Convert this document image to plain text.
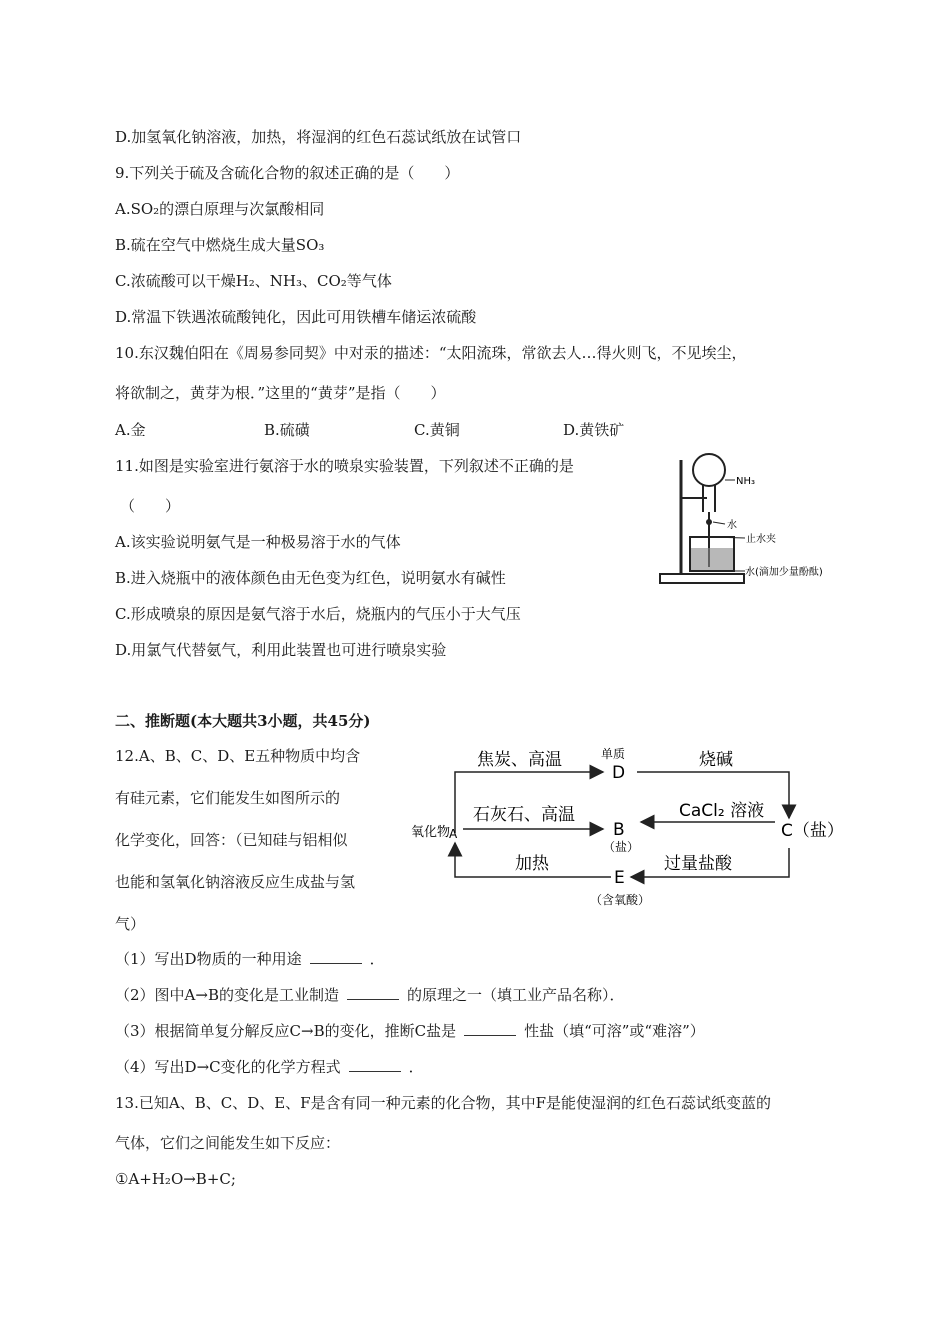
D.加氢氧化钠溶液，加热，将湿润的红色石蕊试纸放在试管口
9.下列关于硫及含硫化合物的叙述正确的是（　　）
A.SO₂的漂白原理与次氯酸相同
B.硫在空气中燃烧生成大量SO₃
C.浓硫酸可以干燥H₂、NH₃、CO₂等气体
D.常温下铁遇浓硫酸钝化，因此可用铁槽车储运浓硫酸
10.东汉魏伯阳在《周易参同契》中对汞的描述：“太阳流珠，常欲去人…得火则飞，不见埃尘，
将欲制之，黄芽为根．”这里的“黄芽”是指（　　）
A.金	B.硫磺	C.黄铜	D.黄铁矿
11.如图是实验室进行氨溶于水的喷泉实验装置，下列叙述不正确的是
（　　）
A.该实验说明氨气是一种极易溶于水的气体
B.进入烧瓶中的液体颜色由无色变为红色，说明氨水有碱性
C.形成喷泉的原因是氨气溶于水后，烧瓶内的气压小于大气压
D.用氯气代替氨气，利用此装置也可进行喷泉实验
NH₃
水
止水夹
水(滴加少量酚酞)
二、推断题(本大题共3小题，共45分)
12.A、B、C、D、E五种物质中均含
有硅元素，它们能发生如图所示的
化学变化，回答：（已知硅与铝相似
也能和氢氧化钠溶液反应生成盐与氢
气）
焦炭、高温	单质
D
烧碱
石灰石、高温
B
CaCl₂ 溶液
C（盐）
氧化物
A
（盐）
加热	过量盐酸
E
（含氧酸）
（1）写出D物质的一种用途	．
（2）图中A→B的变化是工业制造	的原理之一（填工业产品名称）．
（3）根据简单复分解反应C→B的变化，推断C盐是	性盐（填“可溶”或“难溶”）
（4）写出D→C变化的化学方程式	．
13.已知A、B、C、D、E、F是含有同一种元素的化合物，其中F是能使湿润的红色石蕊试纸变蓝的
气体，它们之间能发生如下反应：
①A+H₂O→B+C;
